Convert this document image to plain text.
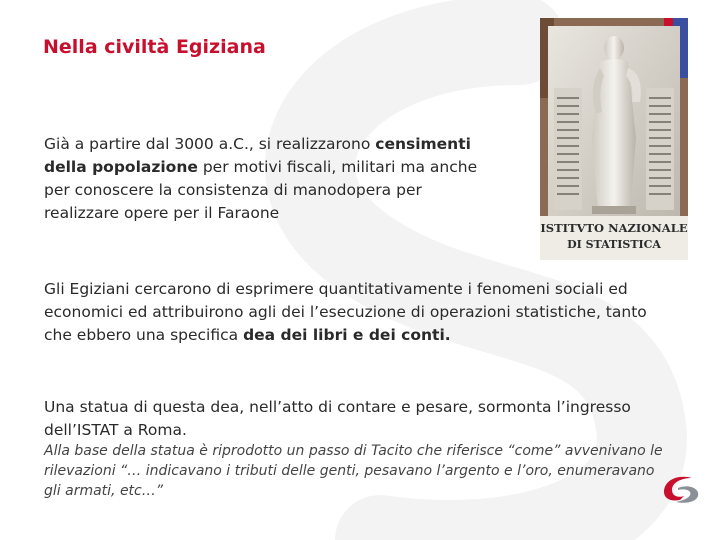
Nella civiltà Egiziana

Già a partire dal 3000 a.C., si realizzarono censimenti della popolazione per motivi fiscali, militari ma anche per conoscere la consistenza di manodopera per realizzare opere per il Faraone

Gli Egiziani cercarono di esprimere quantitativamente i fenomeni sociali ed economici ed attribuirono agli dei l’esecuzione di operazioni statistiche, tanto che ebbero una specifica dea dei libri e dei conti.

Una statua di questa dea, nell’atto di contare e pesare, sormonta l’ingresso dell’ISTAT a Roma.

Alla base della statua è riprodotto un passo di Tacito che riferisce “come” avvenivano le rilevazioni “… indicavano i tributi delle genti, pesavano l’argento e l’oro, enumeravano gli armati, etc…”

ISTITVTO NAZIONALE
DI STATISTICA
